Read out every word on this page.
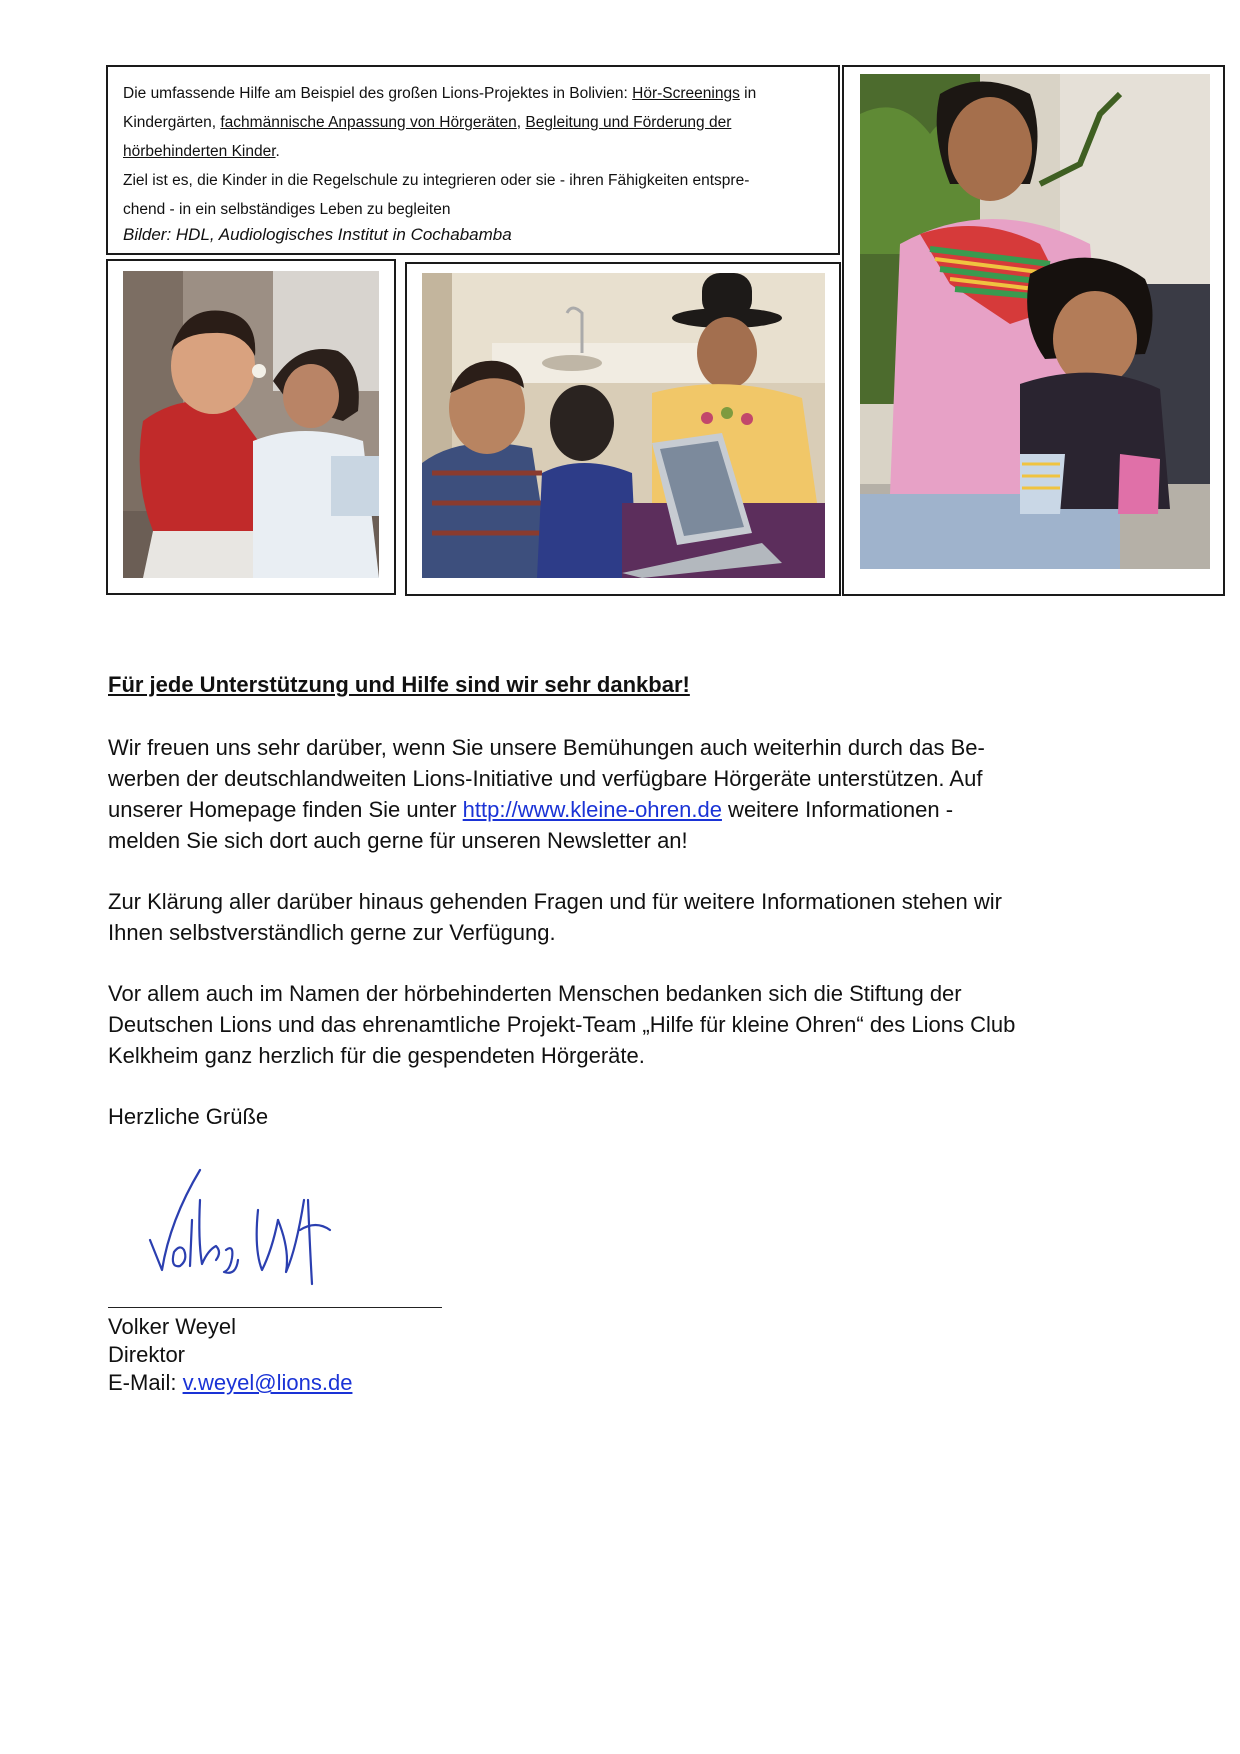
Die umfassende Hilfe am Beispiel des großen Lions-Projektes in Bolivien: Hör-Screenings in

Kindergärten, fachmännische Anpassung von Hörgeräten, Begleitung und Förderung der

hörbehinderten Kinder.

Ziel ist es, die Kinder in die Regelschule zu integrieren oder sie - ihren Fähigkeiten entspre-

chend - in ein selbständiges Leben zu begleiten

Bilder: HDL, Audiologisches Institut in Cochabamba

Für jede Unterstützung und Hilfe sind wir sehr dankbar!

Wir freuen uns sehr darüber, wenn Sie unsere Bemühungen auch weiterhin durch das Be-

werben der deutschlandweiten Lions-Initiative und verfügbare Hörgeräte unterstützen. Auf

unserer Homepage finden Sie unter http://www.kleine-ohren.de weitere Informationen -

melden Sie sich dort auch gerne für unseren Newsletter an!

Zur Klärung aller darüber hinaus gehenden Fragen und für weitere Informationen stehen wir

Ihnen selbstverständlich gerne zur Verfügung.

Vor allem auch im Namen der hörbehinderten Menschen bedanken sich die Stiftung der

Deutschen Lions und das ehrenamtliche Projekt-Team „Hilfe für kleine Ohren“ des Lions Club

Kelkheim ganz herzlich für die gespendeten Hörgeräte.

Herzliche Grüße
Volker Weyel
Direktor
E-Mail: v.weyel@lions.de
